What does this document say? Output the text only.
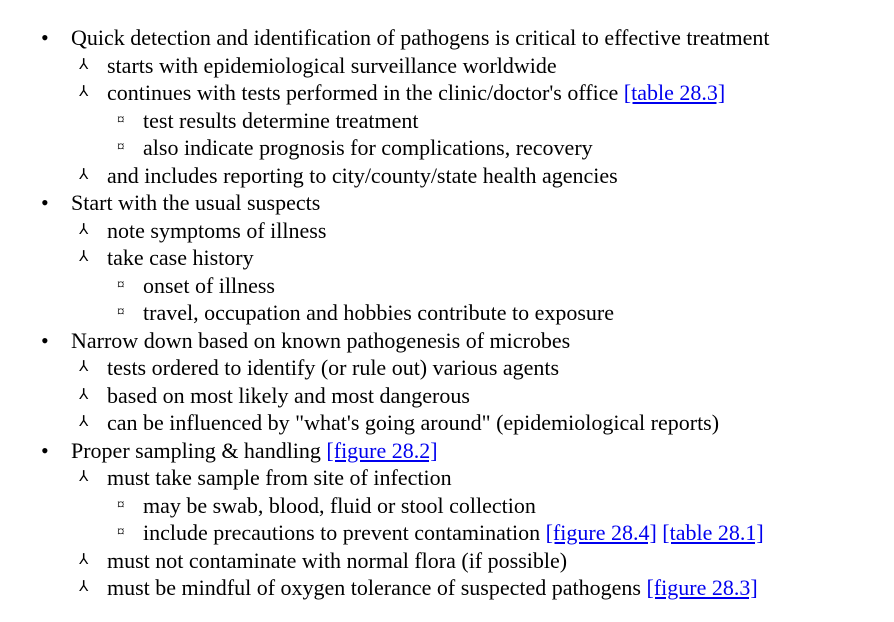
• Quick detection and identification of pathogens is critical to effective treatment
⅄ starts with epidemiological surveillance worldwide
⅄ continues with tests performed in the clinic/doctor's office [table 28.3]
¤ test results determine treatment
¤ also indicate prognosis for complications, recovery
⅄ and includes reporting to city/county/state health agencies
• Start with the usual suspects
⅄ note symptoms of illness
⅄ take case history
¤ onset of illness
¤ travel, occupation and hobbies contribute to exposure
• Narrow down based on known pathogenesis of microbes
⅄ tests ordered to identify (or rule out) various agents
⅄ based on most likely and most dangerous
⅄ can be influenced by "what's going around" (epidemiological reports)
• Proper sampling & handling [figure 28.2]
⅄ must take sample from site of infection
¤ may be swab, blood, fluid or stool collection
¤ include precautions to prevent contamination [figure 28.4] [table 28.1]
⅄ must not contaminate with normal flora (if possible)
⅄ must be mindful of oxygen tolerance of suspected pathogens [figure 28.3]
